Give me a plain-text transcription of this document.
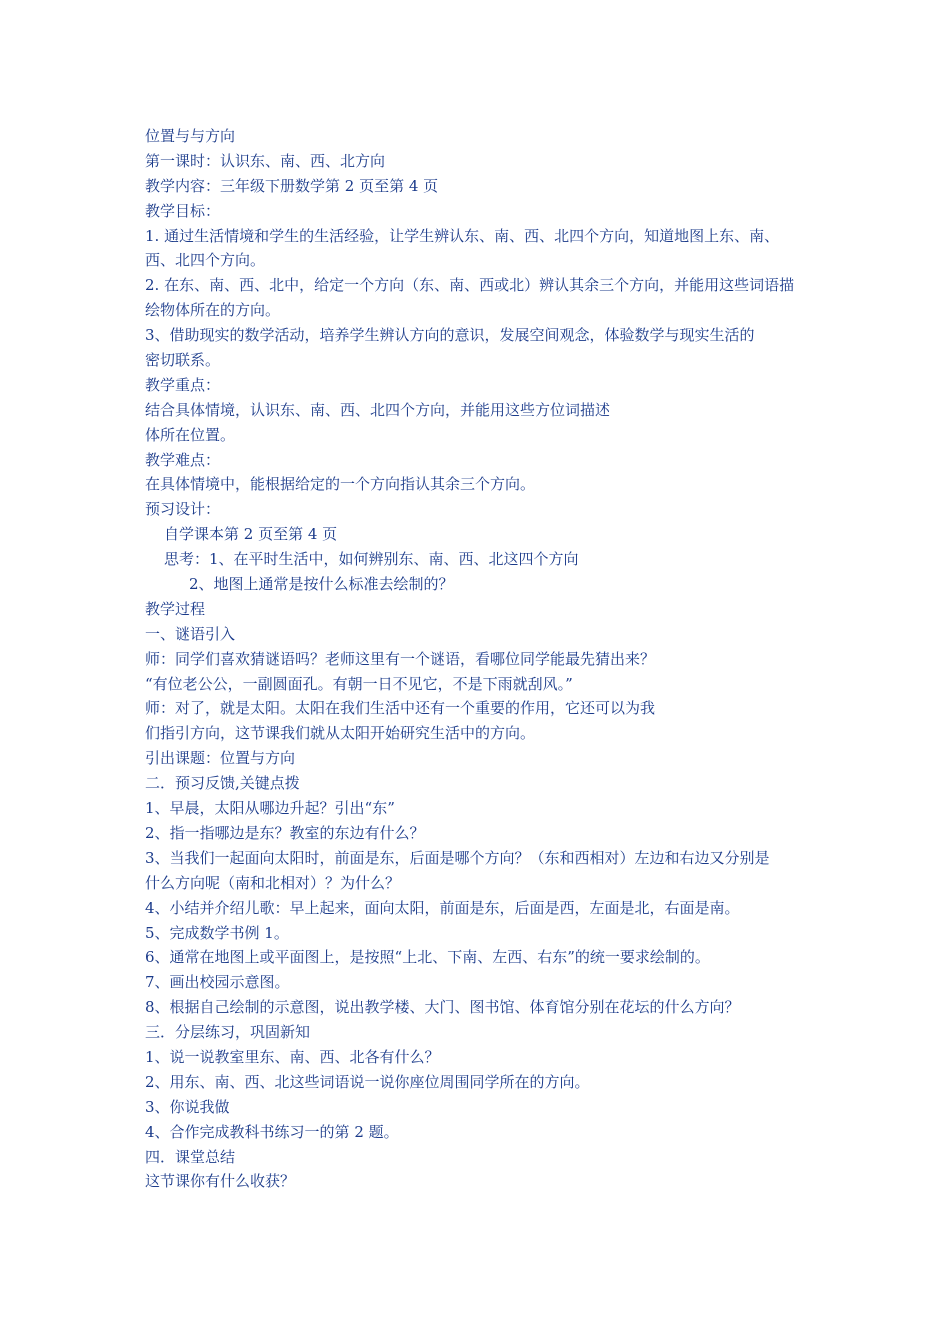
位置与与方向
第一课时：认识东、南、西、北方向
教学内容：三年级下册数学第 2 页至第 4 页
教学目标：
1. 通过生活情境和学生的生活经验，让学生辨认东、南、西、北四个方向，知道地图上东、南、
西、北四个方向。
2. 在东、南、西、北中，给定一个方向（东、南、西或北）辨认其余三个方向，并能用这些词语描
绘物体所在的方向。
3、借助现实的数学活动，培养学生辨认方向的意识，发展空间观念，体验数学与现实生活的
密切联系。
教学重点：
结合具体情境，认识东、南、西、北四个方向，并能用这些方位词描述
体所在位置。
教学难点：
在具体情境中，能根据给定的一个方向指认其余三个方向。
预习设计：
自学课本第 2 页至第 4 页
思考：1、在平时生活中，如何辨别东、南、西、北这四个方向
2、地图上通常是按什么标准去绘制的？
教学过程
一、谜语引入
师：同学们喜欢猜谜语吗？老师这里有一个谜语，看哪位同学能最先猜出来？
“有位老公公，一副圆面孔。有朝一日不见它，不是下雨就刮风。”
师：对了，就是太阳。太阳在我们生活中还有一个重要的作用，它还可以为我
们指引方向，这节课我们就从太阳开始研究生活中的方向。
引出课题：位置与方向
二．预习反馈,关键点拨
1、早晨，太阳从哪边升起？引出“东”
2、指一指哪边是东？教室的东边有什么？
3、当我们一起面向太阳时，前面是东，后面是哪个方向？（东和西相对）左边和右边又分别是
什么方向呢（南和北相对）？为什么？
4、小结并介绍儿歌：早上起来，面向太阳，前面是东，后面是西，左面是北，右面是南。
5、完成数学书例 1。
6、通常在地图上或平面图上，是按照“上北、下南、左西、右东”的统一要求绘制的。
7、画出校园示意图。
8、根据自己绘制的示意图，说出教学楼、大门、图书馆、体育馆分别在花坛的什么方向？
三．分层练习，巩固新知
1、说一说教室里东、南、西、北各有什么？
2、用东、南、西、北这些词语说一说你座位周围同学所在的方向。
3、你说我做
4、合作完成教科书练习一的第 2 题。
四．课堂总结
这节课你有什么收获？
